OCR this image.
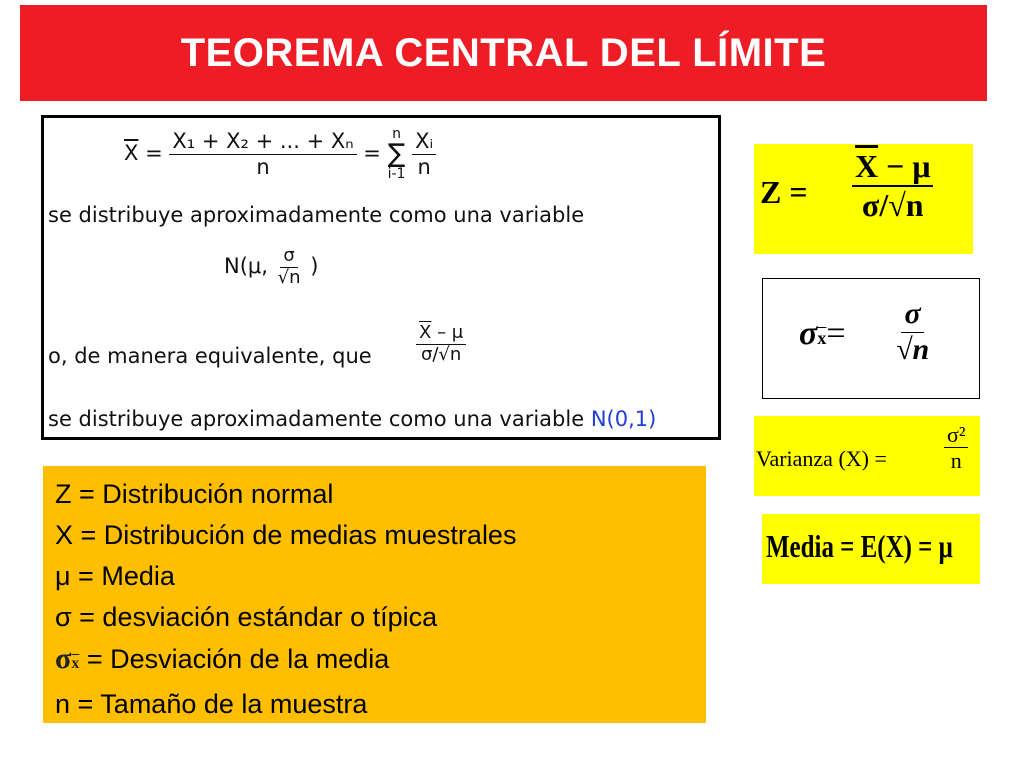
TEOREMA CENTRAL DEL LÍMITE
$\overline{X} = \frac{\text{X₁ + X₂ + ... + Xₙ}}{n}$ =
n
∑
i-1
$\frac{\text{Xᵢ}}{n}$
se distribuye aproximadamente como una variable
N(μ, $\frac{\sigma}{√n}$ )
o, de manera equivalente, que $\frac{\overline{X} - \mu}{\sigma/√n}$
se distribuye aproximadamente como una variable N(0,1)
$Z = \frac{\overline{X} - \mu}{\sigma/√n}$
$\sigma\overline{x}= \frac{\sigma}{√n}$
Varianza (X) =	$\frac{\text{σ²}}{n}$
Media = E(X) = μ
Z = Distribución normal
X = Distribución de medias muestrales
μ = Media
σ = desviación estándar o típica
$\sigma\overline{x}$ = Desviación de la media
n = Tamaño de la muestra
